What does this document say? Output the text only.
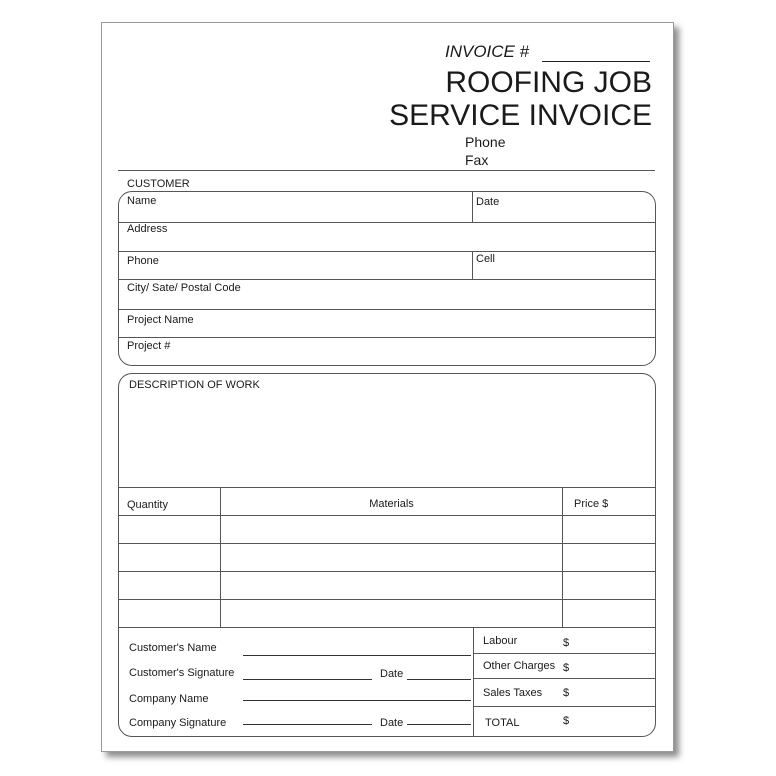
INVOICE #
ROOFING JOB
SERVICE INVOICE
Phone
Fax
CUSTOMER
Name	Date
Address
Phone	Cell
City/ Sate/ Postal Code
Project Name
Project #
DESCRIPTION OF WORK
Quantity	Materials	Price $
Customer's Name
Customer's Signature	Date
Company Name
Company Signature	Date
Labour	$
Other Charges $
Sales Taxes $
TOTAL	$
